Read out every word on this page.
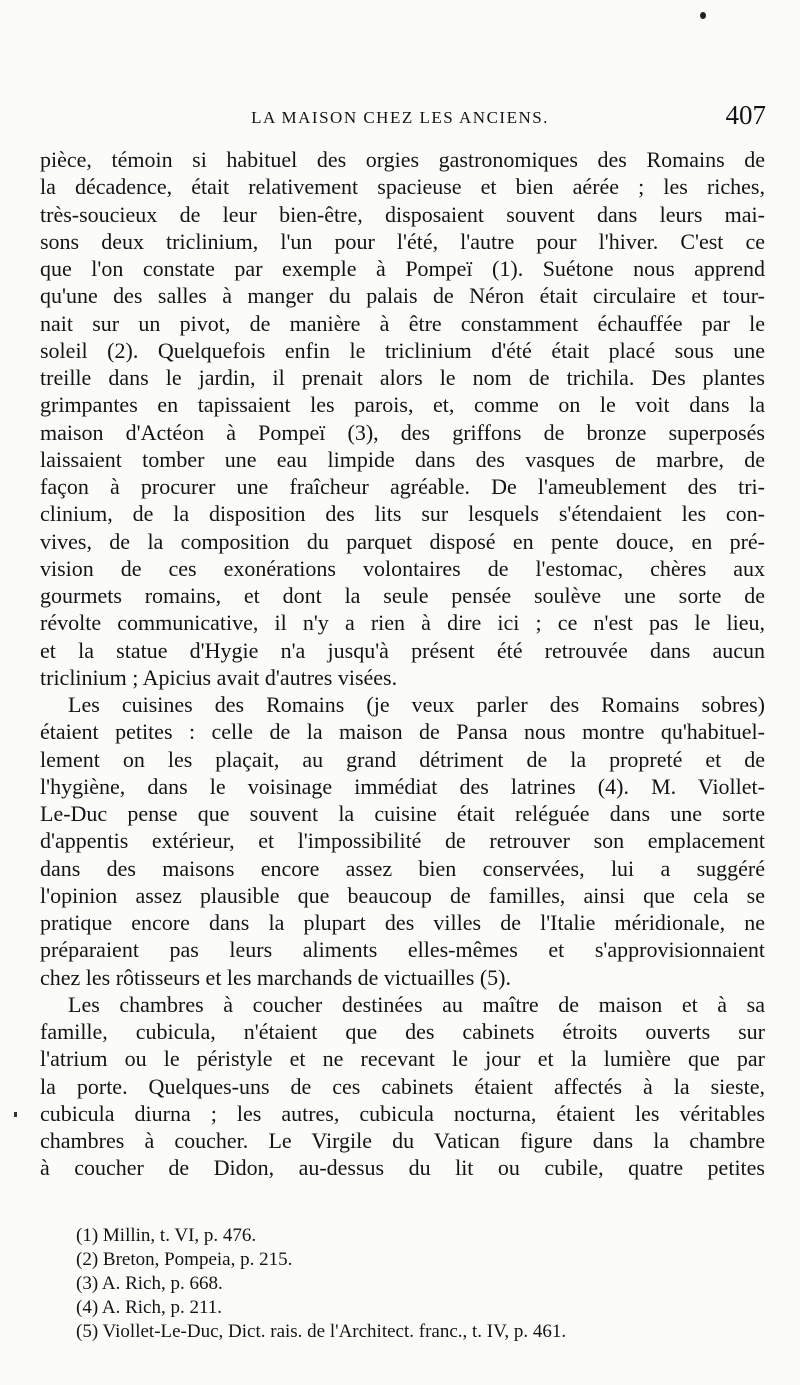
LA MAISON CHEZ LES ANCIENS.	407
pièce, témoin si habituel des orgies gastronomiques des Romains de
la décadence, était relativement spacieuse et bien aérée ; les riches,
très-soucieux de leur bien-être, disposaient souvent dans leurs mai-
sons deux triclinium, l'un pour l'été, l'autre pour l'hiver. C'est ce
que l'on constate par exemple à Pompeï (1). Suétone nous apprend
qu'une des salles à manger du palais de Néron était circulaire et tour-
nait sur un pivot, de manière à être constamment échauffée par le
soleil (2). Quelquefois enfin le triclinium d'été était placé sous une
treille dans le jardin, il prenait alors le nom de trichila. Des plantes
grimpantes en tapissaient les parois, et, comme on le voit dans la
maison d'Actéon à Pompeï (3), des griffons de bronze superposés
laissaient tomber une eau limpide dans des vasques de marbre, de
façon à procurer une fraîcheur agréable. De l'ameublement des tri-
clinium, de la disposition des lits sur lesquels s'étendaient les con-
vives, de la composition du parquet disposé en pente douce, en pré-
vision de ces exonérations volontaires de l'estomac, chères aux
gourmets romains, et dont la seule pensée soulève une sorte de
révolte communicative, il n'y a rien à dire ici ; ce n'est pas le lieu,
et la statue d'Hygie n'a jusqu'à présent été retrouvée dans aucun
triclinium ; Apicius avait d'autres visées.
Les cuisines des Romains (je veux parler des Romains sobres)
étaient petites : celle de la maison de Pansa nous montre qu'habituel-
lement on les plaçait, au grand détriment de la propreté et de
l'hygiène, dans le voisinage immédiat des latrines (4). M. Viollet-
Le-Duc pense que souvent la cuisine était reléguée dans une sorte
d'appentis extérieur, et l'impossibilité de retrouver son emplacement
dans des maisons encore assez bien conservées, lui a suggéré
l'opinion assez plausible que beaucoup de familles, ainsi que cela se
pratique encore dans la plupart des villes de l'Italie méridionale, ne
préparaient pas leurs aliments elles-mêmes et s'approvisionnaient
chez les rôtisseurs et les marchands de victuailles (5).
Les chambres à coucher destinées au maître de maison et à sa
famille, cubicula, n'étaient que des cabinets étroits ouverts sur
l'atrium ou le péristyle et ne recevant le jour et la lumière que par
la porte. Quelques-uns de ces cabinets étaient affectés à la sieste,
cubicula diurna ; les autres, cubicula nocturna, étaient les véritables
chambres à coucher. Le Virgile du Vatican figure dans la chambre
à coucher de Didon, au-dessus du lit ou cubile, quatre petites
(1) Millin, t. VI, p. 476.
(2) Breton, Pompeia, p. 215.
(3) A. Rich, p. 668.
(4) A. Rich, p. 211.
(5) Viollet-Le-Duc, Dict. rais. de l'Architect. franc., t. IV, p. 461.
